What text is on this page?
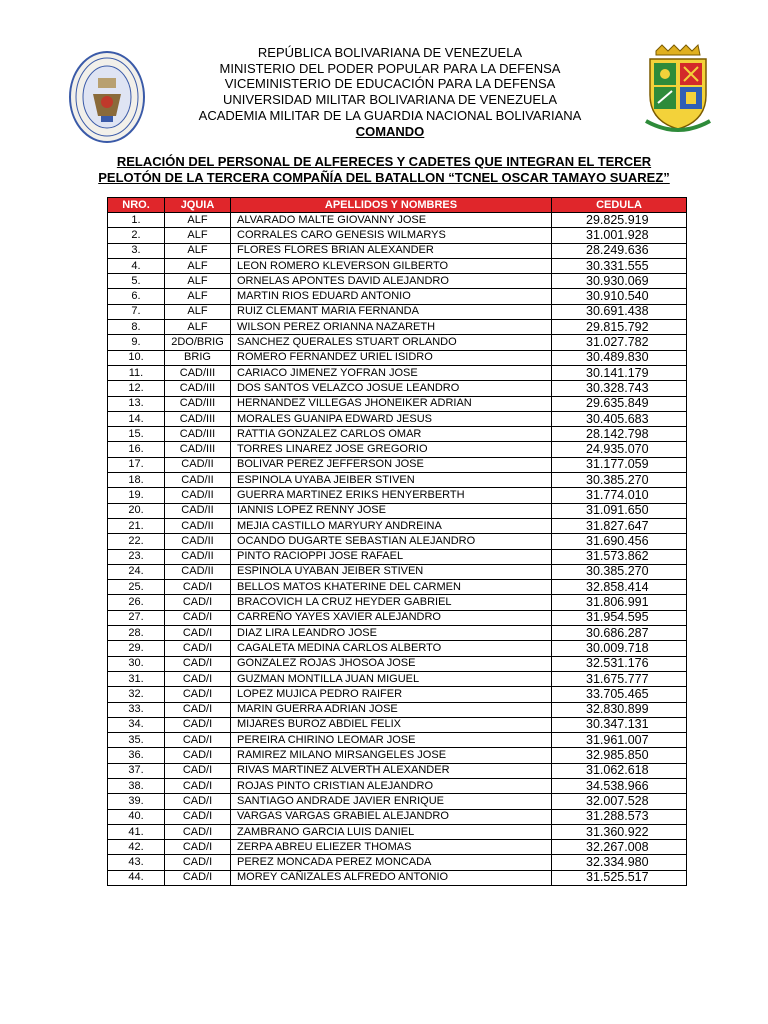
REPÚBLICA BOLIVARIANA DE VENEZUELA
MINISTERIO DEL PODER POPULAR PARA LA DEFENSA
VICEMINISTERIO DE EDUCACIÓN PARA LA DEFENSA
UNIVERSIDAD MILITAR BOLIVARIANA DE VENEZUELA
ACADEMIA MILITAR DE LA GUARDIA NACIONAL BOLIVARIANA
COMANDO
RELACIÓN DEL PERSONAL DE ALFERECES Y CADETES QUE INTEGRAN EL TERCER
PELOTÓN DE LA TERCERA COMPAÑÍA DEL BATALLON “TCNEL OSCAR TAMAYO SUAREZ”
NRO.	JQUIA	APELLIDOS Y NOMBRES	CEDULA
1.	ALF	ALVARADO MALTE GIOVANNY JOSE	29.825.919
2.	ALF	CORRALES CARO GENESIS WILMARYS	31.001.928
3.	ALF	FLORES FLORES BRIAN ALEXANDER	28.249.636
4.	ALF	LEON ROMERO KLEVERSON GILBERTO	30.331.555
5.	ALF	ORNELAS APONTES DAVID ALEJANDRO	30.930.069
6.	ALF	MARTIN RIOS EDUARD ANTONIO	30.910.540
7.	ALF	RUIZ CLEMANT MARIA FERNANDA	30.691.438
8.	ALF	WILSON PEREZ ORIANNA NAZARETH	29.815.792
9.	2DO/BRIG	SANCHEZ QUERALES STUART ORLANDO	31.027.782
10.	BRIG	ROMERO FERNANDEZ URIEL ISIDRO	30.489.830
11.	CAD/III	CARIACO JIMENEZ YOFRAN JOSE	30.141.179
12.	CAD/III	DOS SANTOS VELAZCO JOSUE LEANDRO	30.328.743
13.	CAD/III	HERNANDEZ VILLEGAS JHONEIKER ADRIAN	29.635.849
14.	CAD/III	MORALES GUANIPA EDWARD JESUS	30.405.683
15.	CAD/III	RATTIA GONZALEZ CARLOS OMAR	28.142.798
16.	CAD/III	TORRES LINAREZ JOSE GREGORIO	24.935.070
17.	CAD/II	BOLIVAR PEREZ JEFFERSON JOSE	31.177.059
18.	CAD/II	ESPINOLA UYABA JEIBER STIVEN	30.385.270
19.	CAD/II	GUERRA MARTINEZ ERIKS HENYERBERTH	31.774.010
20.	CAD/II	IANNIS LOPEZ RENNY JOSE	31.091.650
21.	CAD/II	MEJIA CASTILLO MARYURY ANDREINA	31.827.647
22.	CAD/II	OCANDO DUGARTE SEBASTIAN ALEJANDRO	31.690.456
23.	CAD/II	PINTO RACIOPPI JOSE RAFAEL	31.573.862
24.	CAD/II	ESPINOLA UYABAN JEIBER STIVEN	30.385.270
25.	CAD/I	BELLOS MATOS KHATERINE DEL CARMEN	32.858.414
26.	CAD/I	BRACOVICH LA CRUZ HEYDER GABRIEL	31.806.991
27.	CAD/I	CARREÑO YAYES XAVIER ALEJANDRO	31.954.595
28.	CAD/I	DIAZ LIRA LEANDRO JOSE	30.686.287
29.	CAD/I	CAGALETA MEDINA CARLOS ALBERTO	30.009.718
30.	CAD/I	GONZALEZ ROJAS JHOSOA JOSE	32.531.176
31.	CAD/I	GUZMAN MONTILLA JUAN MIGUEL	31.675.777
32.	CAD/I	LOPEZ MUJICA PEDRO RAIFER	33.705.465
33.	CAD/I	MARIN GUERRA ADRIAN JOSE	32.830.899
34.	CAD/I	MIJARES BUROZ ABDIEL FELIX	30.347.131
35.	CAD/I	PEREIRA CHIRINO LEOMAR JOSE	31.961.007
36.	CAD/I	RAMIREZ MILANO MIRSANGELES JOSE	32.985.850
37.	CAD/I	RIVAS MARTINEZ ALVERTH ALEXANDER	31.062.618
38.	CAD/I	ROJAS PINTO CRISTIAN ALEJANDRO	34.538.966
39.	CAD/I	SANTIAGO ANDRADE JAVIER ENRIQUE	32.007.528
40.	CAD/I	VARGAS VARGAS GRABIEL ALEJANDRO	31.288.573
41.	CAD/I	ZAMBRANO GARCIA LUIS DANIEL	31.360.922
42.	CAD/I	ZERPA ABREU ELIEZER THOMAS	32.267.008
43.	CAD/I	PEREZ MONCADA PEREZ MONCADA	32.334.980
44.	CAD/I	MOREY CAÑIZALES ALFREDO ANTONIO	31.525.517
